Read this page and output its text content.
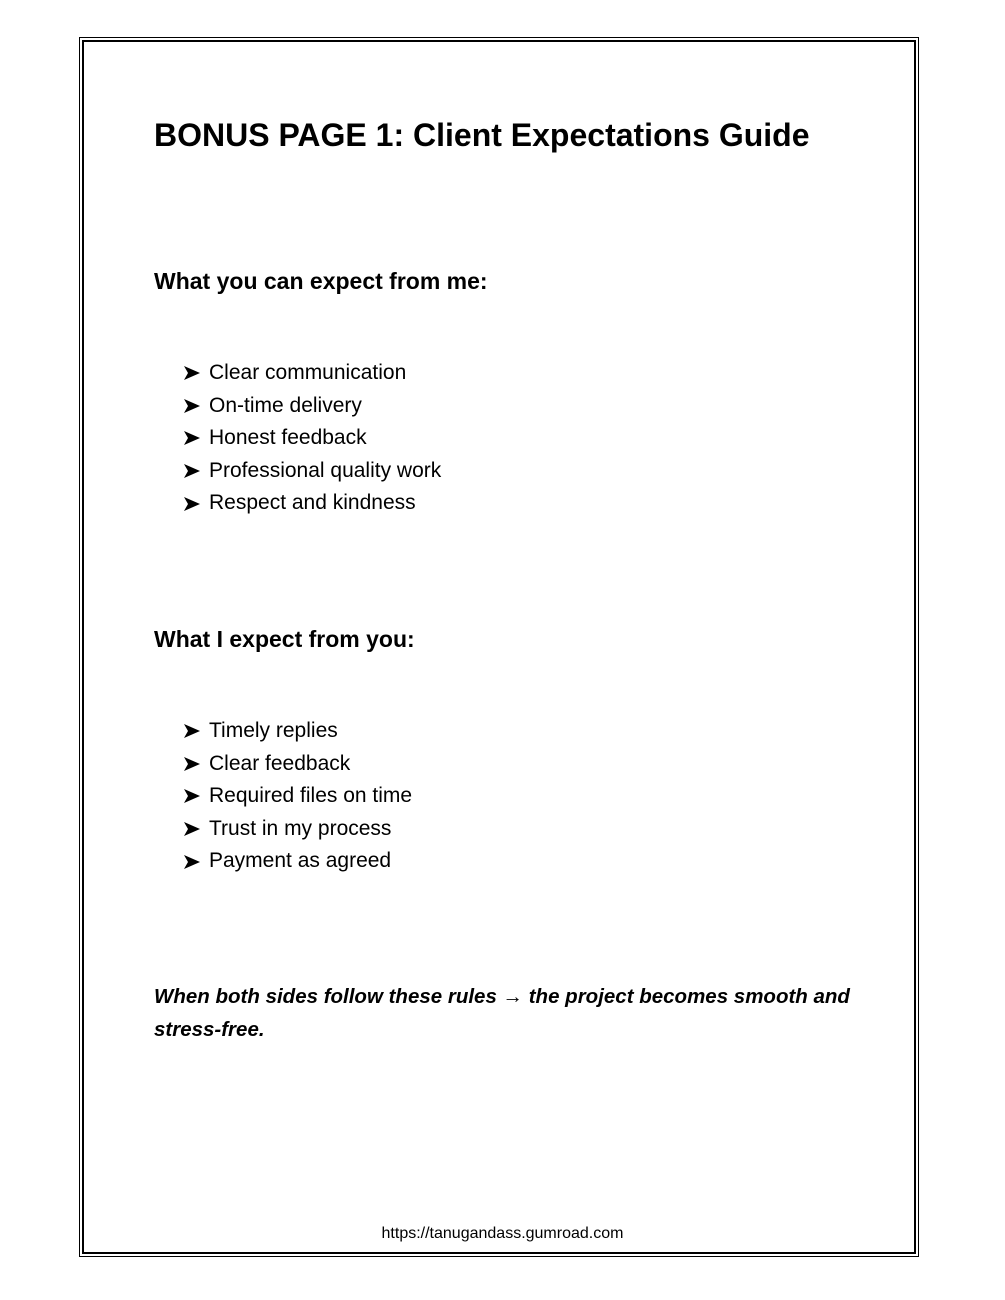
BONUS PAGE 1: Client Expectations Guide
What you can expect from me:
Clear communication
On-time delivery
Honest feedback
Professional quality work
Respect and kindness
What I expect from you:
Timely replies
Clear feedback
Required files on time
Trust in my process
Payment as agreed

When both sides follow these rules → the project becomes smooth and stress-free.

https://tanugandass.gumroad.com
